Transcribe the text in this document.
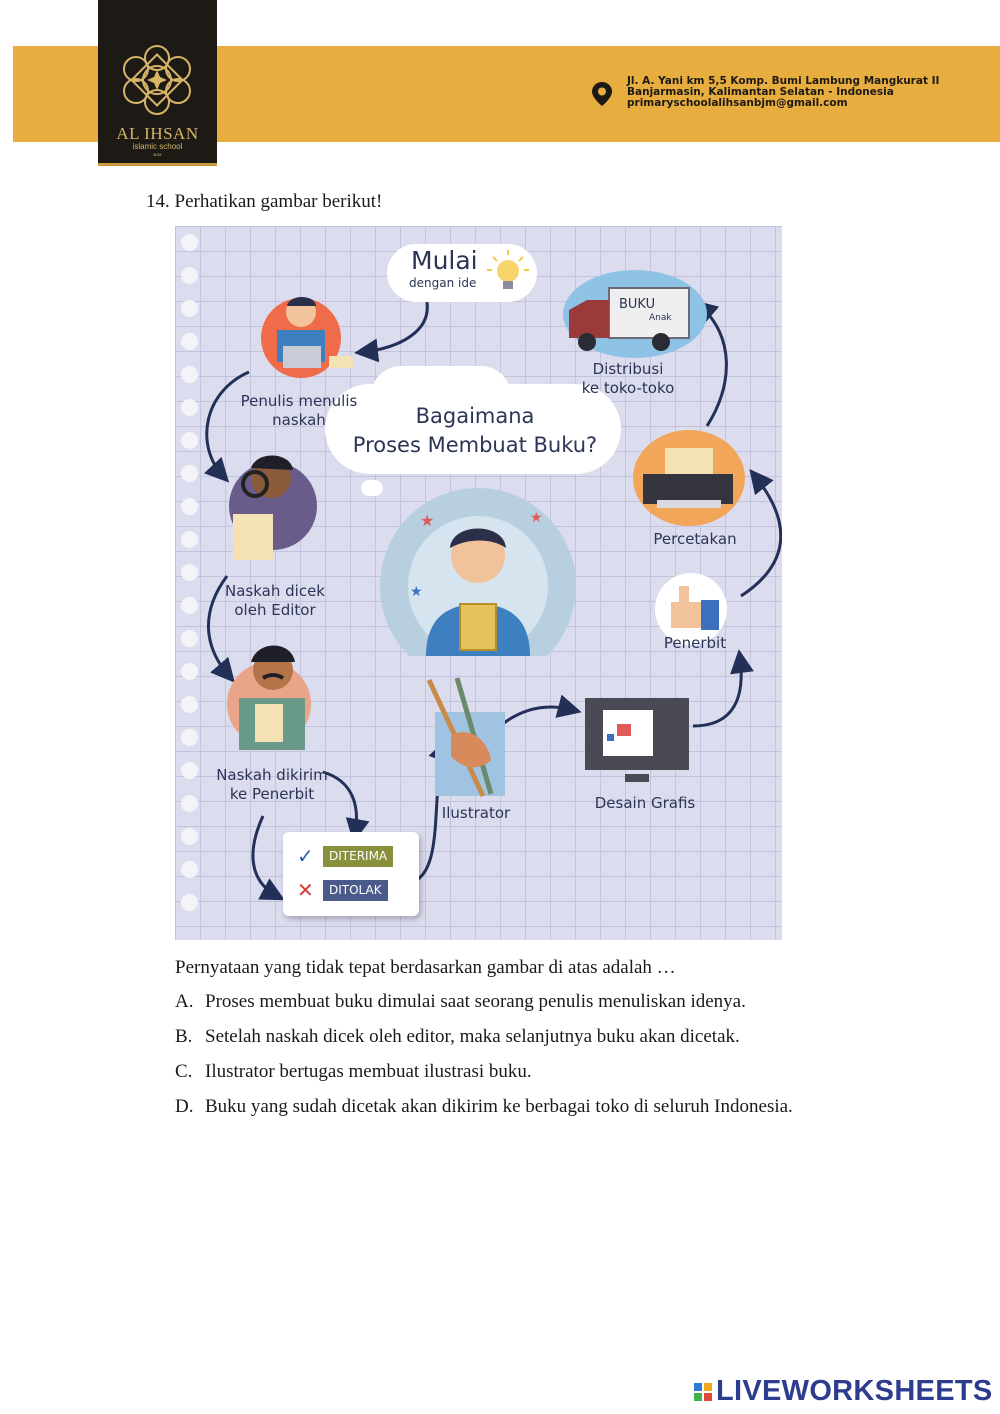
AL IHSAN
islamic school
BJM
Jl. A. Yani km 5,5 Komp. Bumi Lambung Mangkurat II
Banjarmasin, Kalimantan Selatan - Indonesia
primaryschoolalihsanbjm@gmail.com
14. Perhatikan gambar berikut!
Mulai
dengan ide
Bagaimana
Proses Membuat Buku?
★	★
★
Penulis menulis
naskah
Naskah dicek
oleh Editor
Naskah dikirim
ke Penerbit
✓	DITERIMA
✕	DITOLAK
Ilustrator
Desain Grafis
Penerbit
Percetakan
BUKU
Anak
Distribusi
ke toko-toko
Pernyataan yang tidak tepat berdasarkan gambar di atas adalah …
A. Proses membuat buku dimulai saat seorang penulis menuliskan idenya.
B. Setelah naskah dicek oleh editor, maka selanjutnya buku akan dicetak.
C. Ilustrator bertugas membuat ilustrasi buku.
D. Buku yang sudah dicetak akan dikirim ke berbagai toko di seluruh Indonesia.
LIVEWORKSHEETS
